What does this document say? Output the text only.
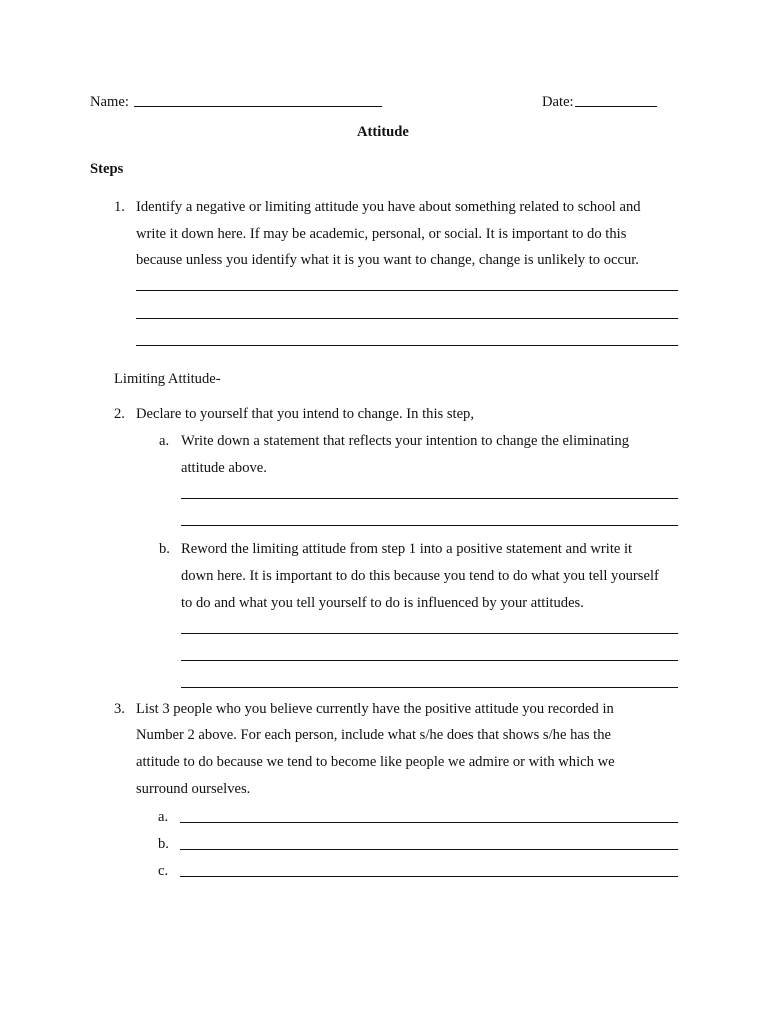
Name:	Date:
Attitude
Steps
1. Identify a negative or limiting attitude you have about something related to school and
write it down here. If may be academic, personal, or social. It is important to do this
because unless you identify what it is you want to change, change is unlikely to occur.
Limiting Attitude-
2. Declare to yourself that you intend to change. In this step,
a. Write down a statement that reflects your intention to change the eliminating
attitude above.
b. Reword the limiting attitude from step 1 into a positive statement and write it
down here. It is important to do this because you tend to do what you tell yourself
to do and what you tell yourself to do is influenced by your attitudes.
3. List 3 people who you believe currently have the positive attitude you recorded in
Number 2 above. For each person, include what s/he does that shows s/he has the
attitude to do because we tend to become like people we admire or with which we
surround ourselves.
a.
b.
c.
